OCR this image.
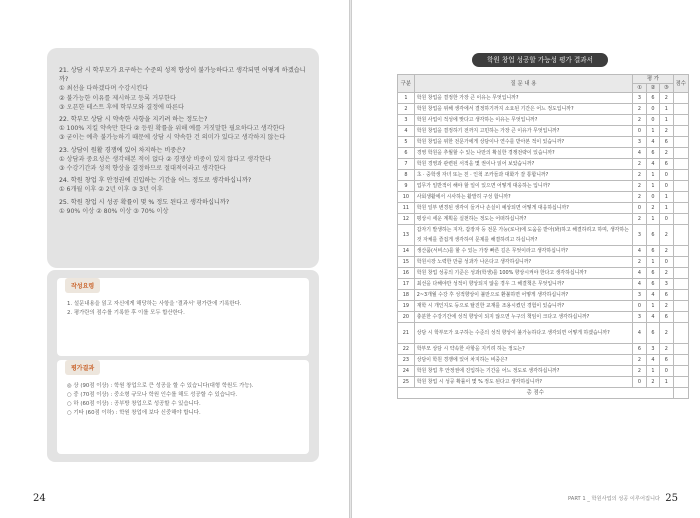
21. 상담 시 학부모가 요구하는 수준의 성적 향상이 불가능하다고 생각되면 어떻게 하겠습니까?
① 최선을 다하겠다며 수강시킨다
② 불가능한 이유를 제시하고 등록 거부한다
③ 오픈한 테스트 후에 학부모와 결정에 따른다
22. 학부모 상담 시 약속한 사항을 지키려 하는 정도는?
① 100% 지킬 약속만 한다 ② 등원 확률을 위해 예를 거짓말한 필요하다고 생각한다
③ 굳이는 예측 불가능하기 때문에 상담 시 약속한 건 의미가 있다고 생각하지 않는다
23. 상담이 원활 경쟁에 있어 차지하는 비중은?
① 상담과 중요성은 생각해본 적이 없다 ② 경쟁상 비중이 있지 않다고 생각한다
③ 수강기간과 성적 향상을 결정하므로 절대적이라고 생각한다
24. 학원 창업 후 안정권에 진입하는 기간을 어느 정도로 생각하십니까?
① 6개월 이후 ② 2년 이후 ③ 3년 이후
25. 학원 창업 시 성공 확률이 몇 % 정도 된다고 생각하십니까?
① 90% 이상 ② 80% 이상 ③ 70% 이상
작성요령
1. 설문내용을 읽고 자신에게 해당하는 사항을 '결과서' 평가란에 기록한다.
2. 평가란의 점수를 기록한 후 이를 모두 합산한다.
평가결과
◎ 상 (90점 이상) : 학원 창업으로 큰 성공을 할 수 있습니다(대형 학원도 가능).
○ 중 (70점 이상) : 중소형 규모나 학원 인수를 해도 성공할 수 있습니다.
○ 하 (60점 이상) : 공부방 창업으로 성공할 수 있습니다.
○ 기타 (60점 이하) : 학원 창업에 보다 신중해야 합니다.
24
학원 창업 성공할 가능성 평가 결과서
구분	질 문 내 용	평 가			점수
		①	②	③	
1	학원 창업을 결정한 가장 큰 이유는 무엇입니까?	3	6	2	
2	학원 창업을 위해 생각에서 결정하기까지 소요된 기간은 어느 정도입니까?	2	0	1	
3	학원 사업이 적성에 맞다고 생각하는 이유는 무엇입니까?	2	0	1	
4	학원 창업을 결정하기 전까지 고민하는 가장 큰 이유가 무엇입니까?	0	1	2	
5	학원 창업을 위한 전문가에게 상담이나 연수를 받아본 적이 있습니까?	3	4	6	
6	경영 학원을 추월할 수 있는 나만의 확실한 경쟁전략이 있습니까?	4	6	2	
7	학원 경영과 관련된 서적을 몇 권이나 읽어 보았습니까?	2	4	6	
8	초 · 중학생 자녀 또는 친 · 인척 조카들과 대화가 잘 통합니까?	2	1	0	
9	업무가 일반적이 해야 할 일이 있으면 어떻게 대응하는 입니까?	2	1	0	
10	사회생활에서 시사하는 활발히 구성 합니까?	2	0	1	
11	학원 일부 변경된 생각이 들거나 손실이 예상되면 어떻게 대응하십니까?	0	2	1	
12	평상시 세운 계획을 실천하는 정도는 어떠하십니까?	2	1	0	
13	갑자기 발생하는 지자, 갑장자 등 전문 가능(로나)에 도움을 받아(봐)하고 해결하려고 하며, 생각하는 것 자체를 즐겁게 생각하여 문제를 해결하려고 하십니까?	3	6	2	
14	생산품(서비스)를 할 수 있는 가장 빠른 길은 무엇이라고 생각하십니까?	4	6	2	
15	학원시장 노력한 만큼 성과가 나온다고 생각하십니까?	2	1	0	
16	학원 창업 성공의 기준은 성과(학생)를 100% 향상시켜야 한다고 생각하십니까?	4	6	2	
17	최선을 다해야만 성적이 향상되지 않을 경우 그 해결책은 무엇입니까?	4	6	3	
18	2~3개월 수강 후 성적향상이 불만으로 환불하면 어떻게 생각하십니까?	3	4	6	
19	재학 시 개인지도 등으로 탈진한 교재를 조용시켰던 경험이 있습니까?	0	1	2	
20	충분한 수강기간에 성적 향상이 되지 않으면 누구의 책임이 크다고 생각하십니까?	3	4	6	
21	상담 시 학부모가 요구하는 수준의 성적 향상이 불가능하다고 생각되면 어떻게 하겠습니까?	4	6	2	
22	학부모 상담 시 약속한 사항을 지키려 하는 정도는?	6	3	2	
23	상담이 학원 경쟁에 있어 차지하는 비중은?	2	4	6	
24	학원 창업 후 안정권에 진입하는 기간을 어느 정도로 생각하십니까?	2	1	0	
25	학원 창업 시 성공 확률이 몇 % 정도 된다고 생각하십니까?	0	2	1	
총 점수					
PART 1 _ 학원사업의 성공 이루어집니다 25
